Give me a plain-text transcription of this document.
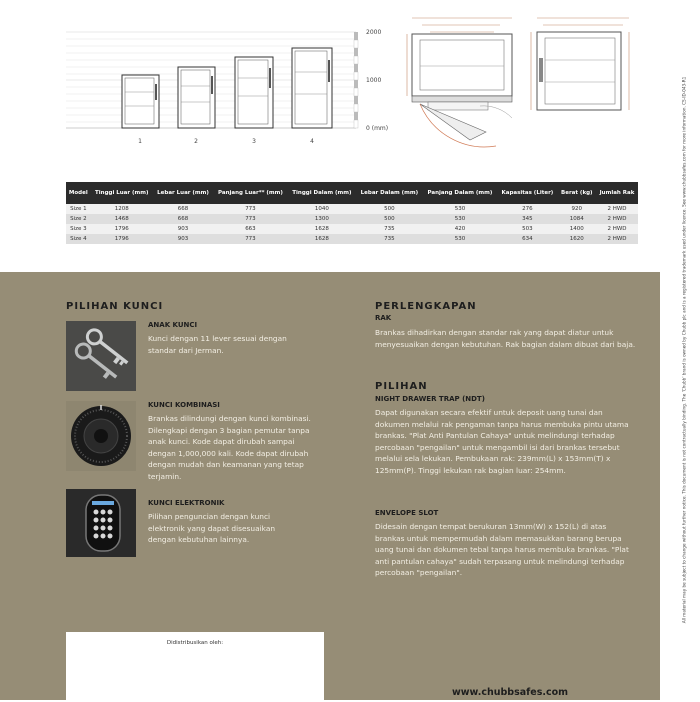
2000
1000
0 (mm)
1	2	3	4
Model	Tinggi Luar (mm)	Lebar Luar (mm)	Panjang Luar** (mm)	Tinggi Dalam (mm)	Lebar Dalam (mm)	Panjang Dalam (mm)	Kapasitas (Liter)	Berat (kg)	Jumlah Rak
Size 1	1208	668	773	1040	500	530	276	920	2 HWD
Size 2	1468	668	773	1300	500	530	345	1084	2 HWD
Size 3	1796	903	663	1628	735	420	503	1400	2 HWD
Size 4	1796	903	773	1628	735	530	634	1620	2 HWD
PILIHAN KUNCI
ANAK KUNCI
Kunci dengan 11 lever sesuai dengan standar dari Jerman.
KUNCI KOMBINASI
Brankas dilindungi dengan kunci kombinasi. Dilengkapi dengan 3 bagian pemutar tanpa anak kunci. Kode dapat dirubah sampai dengan 1,000,000 kali. Kode dapat dirubah dengan mudah dan keamanan yang tetap terjamin.
KUNCI ELEKTRONIK
Pilihan penguncian dengan kunci elektronik yang dapat disesuaikan dengan kebutuhan lainnya.
PERLENGKAPAN
RAK
Brankas dihadirkan dengan standar rak yang dapat diatur untuk menyesuaikan dengan kebutuhan. Rak bagian dalam dibuat dari baja.
PILIHAN
NIGHT DRAWER TRAP (NDT)
Dapat digunakan secara efektif untuk deposit uang tunai dan dokumen melalui rak pengaman tanpa harus membuka pintu utama brankas. "Plat Anti Pantulan Cahaya" untuk melindungi terhadap percobaan "pengailan" untuk mengambil isi dari brankas tersebut melalui sela lekukan. Pembukaan rak: 239mm(L) x 153mm(T) x 125mm(P). Tinggi lekukan rak bagian luar: 254mm.
ENVELOPE SLOT
Didesain dengan tempat berukuran 13mm(W) x 152(L) di atas brankas untuk mempermudah dalam memasukkan barang berupa uang tunai dan dokumen tebal tanpa harus membuka brankas. "Plat anti pantulan cahaya" sudah terpasang untuk melindungi terhadap percobaan "pengailan".
Didistribusikan oleh:
www.chubbsafes.com
All material may be subject to change without further notice. This document is not contractually binding. The 'Chubb' brand is owned by Chubb plc and is a registered trademark used under licence. See www.chubbsafes.com for more information. CS-ID-043-R1
